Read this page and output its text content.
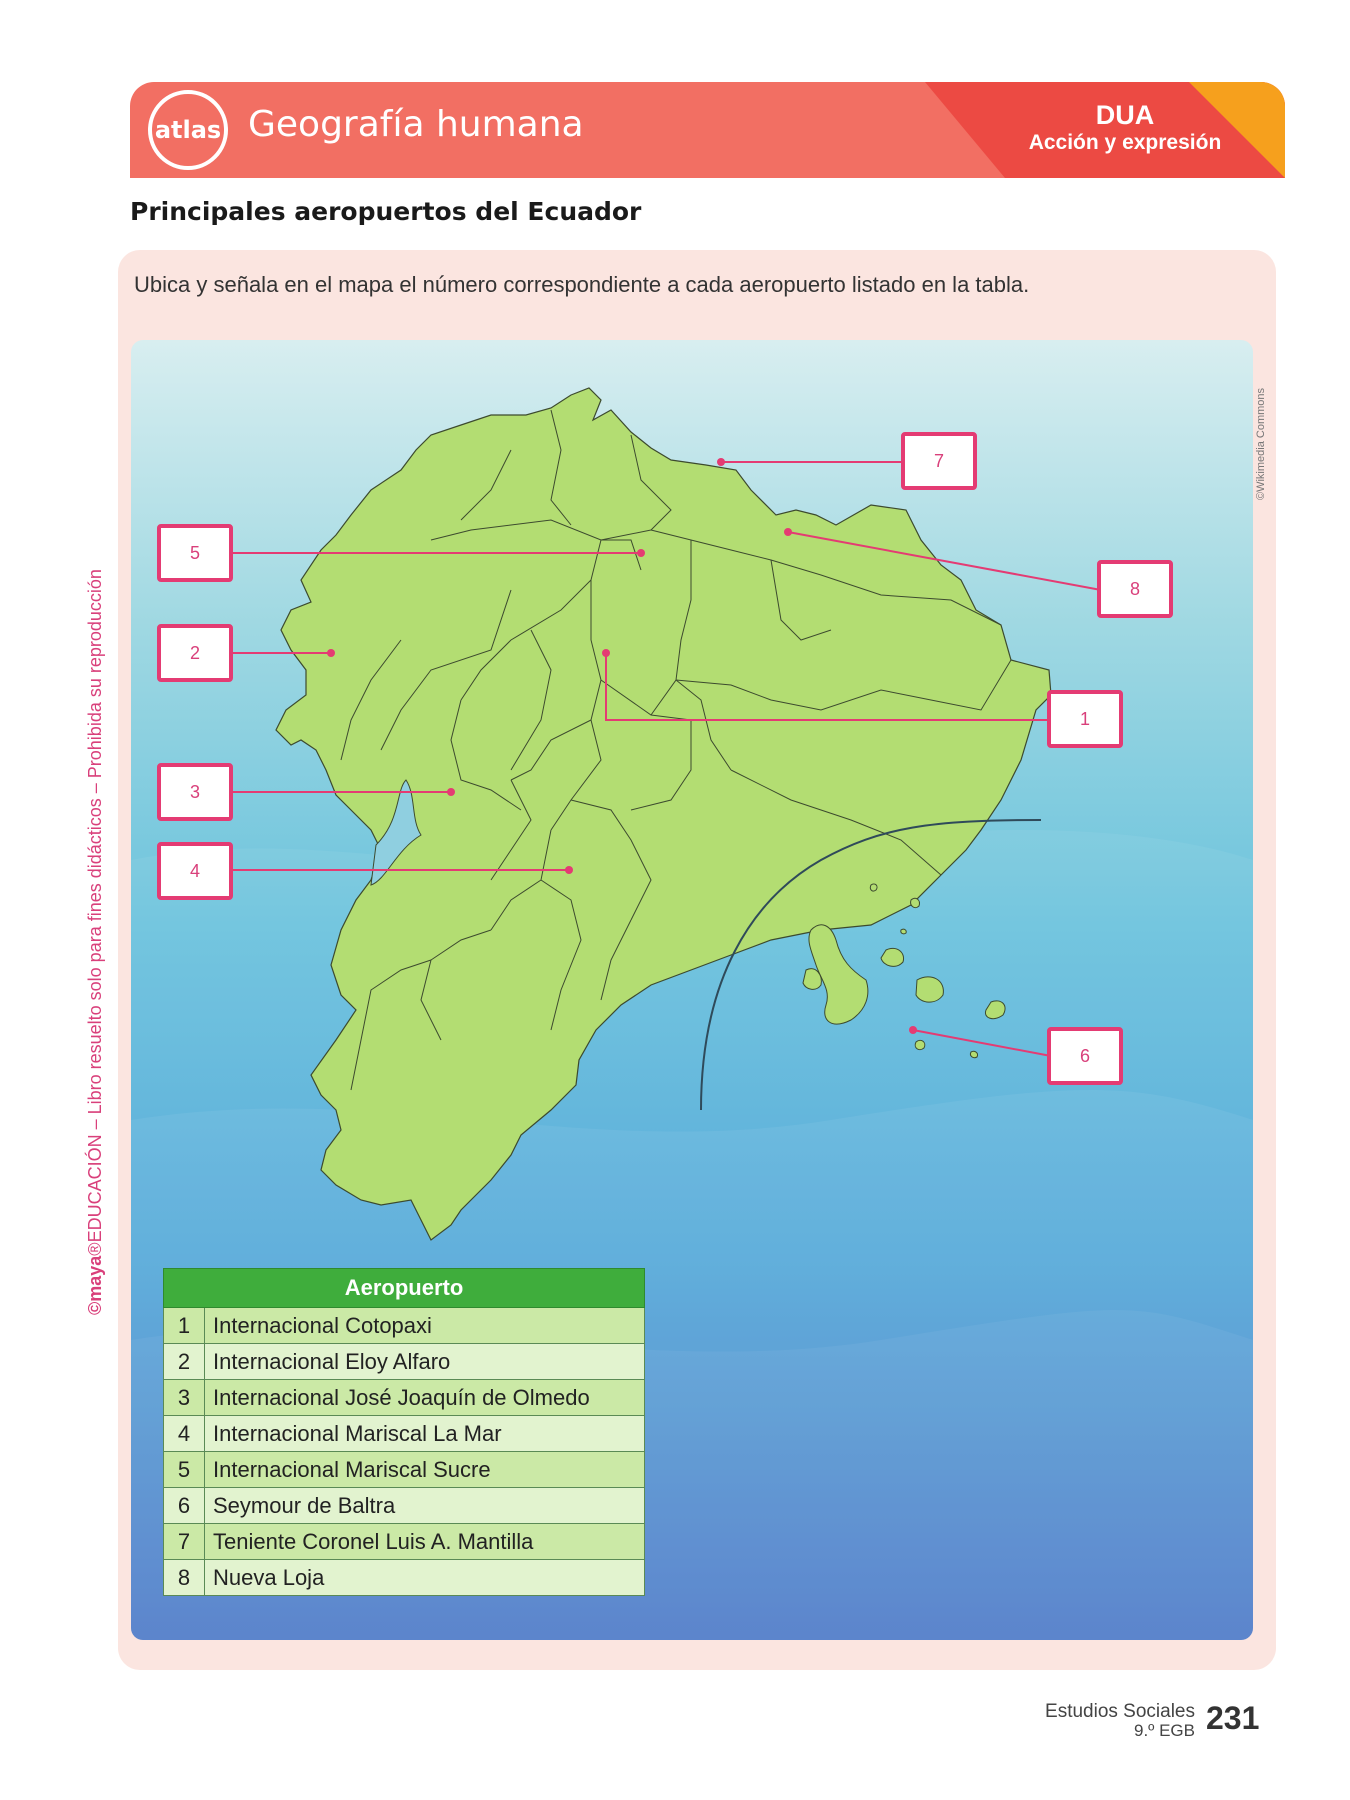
atlas Geografía humana	DUA
Acción y expresión
Principales aeropuertos del Ecuador
Ubica y señala en el mapa el número correspondiente a cada aeropuerto listado en la tabla.
7
5
8
2
1
3
4
6
©Wikimedia Commons
©maya®EDUCACIÓN – Libro resuelto solo para fines didácticos – Prohibida su reproducción
Aeropuerto	
1	Internacional Cotopaxi
2	Internacional Eloy Alfaro
3	Internacional José Joaquín de Olmedo
4	Internacional Mariscal La Mar
5	Internacional Mariscal Sucre
6	Seymour de Baltra
7	Teniente Coronel Luis A. Mantilla
8	Nueva Loja
Estudios Sociales
9.º EGB 231
